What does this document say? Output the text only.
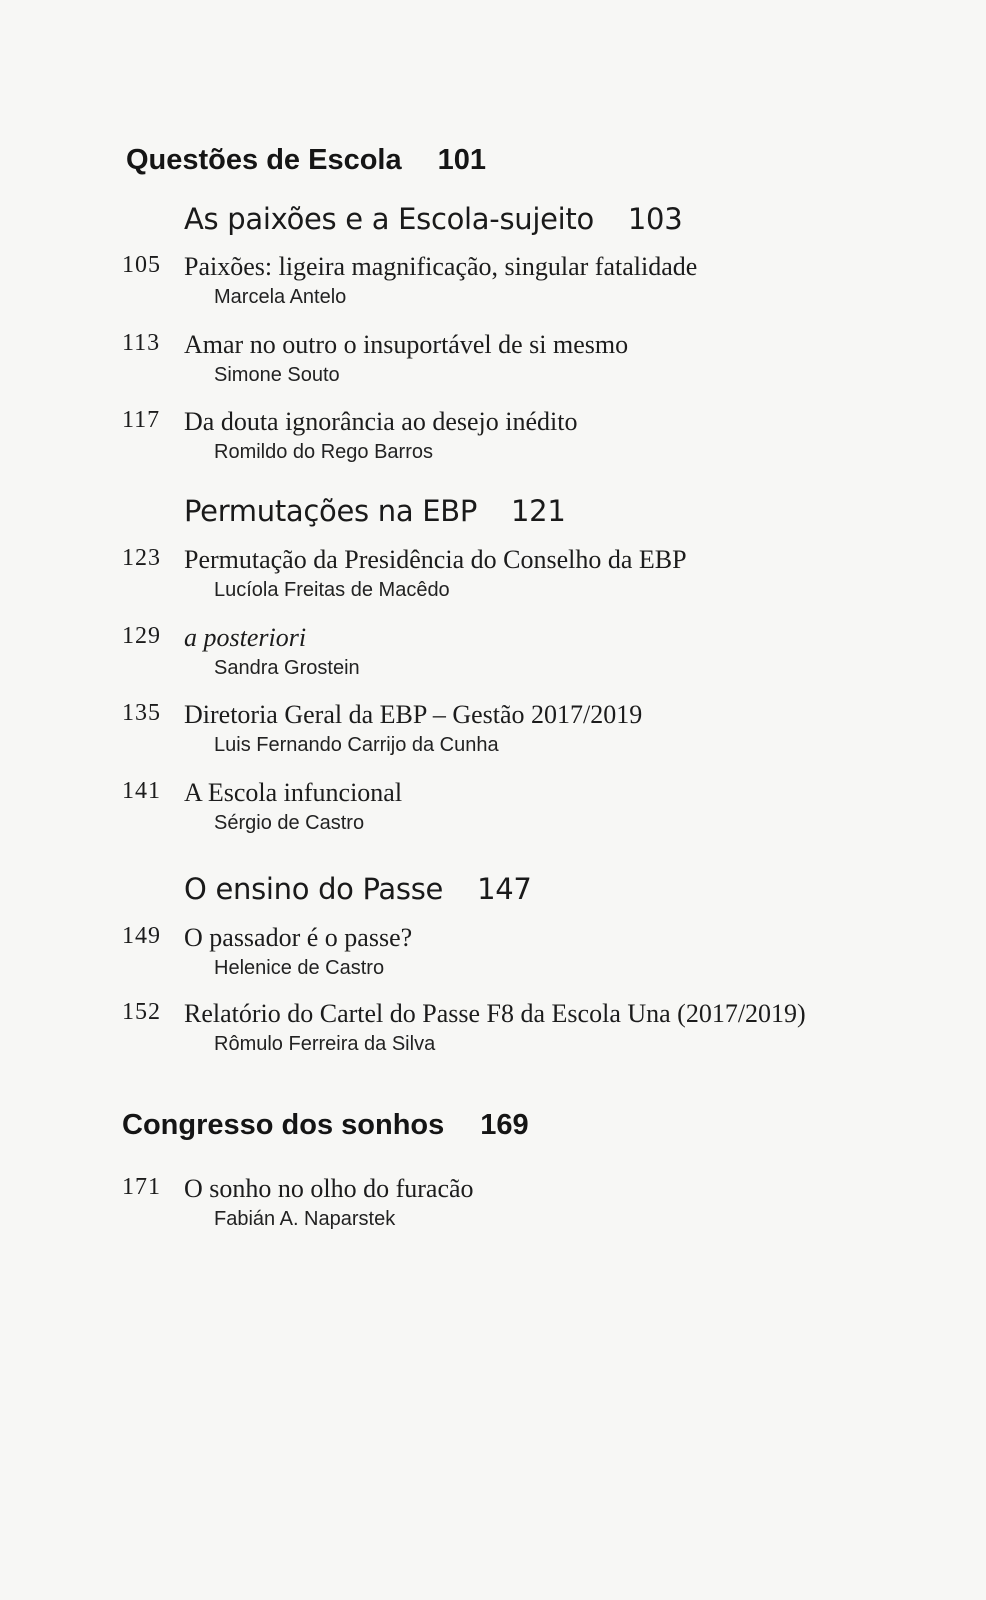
Questões de Escola 101
As paixões e a Escola-sujeito 103
105 Paixões: ligeira magnificação, singular fatalidade
Marcela Antelo
113 Amar no outro o insuportável de si mesmo
Simone Souto
117 Da douta ignorância ao desejo inédito
Romildo do Rego Barros
Permutações na EBP 121
123 Permutação da Presidência do Conselho da EBP
Lucíola Freitas de Macêdo
129 a posteriori
Sandra Grostein
135 Diretoria Geral da EBP – Gestão 2017/2019
Luis Fernando Carrijo da Cunha
141 A Escola infuncional
Sérgio de Castro
O ensino do Passe 147
149 O passador é o passe?
Helenice de Castro
152 Relatório do Cartel do Passe F8 da Escola Una (2017/2019)
Rômulo Ferreira da Silva
Congresso dos sonhos 169
171 O sonho no olho do furacão
Fabián A. Naparstek
